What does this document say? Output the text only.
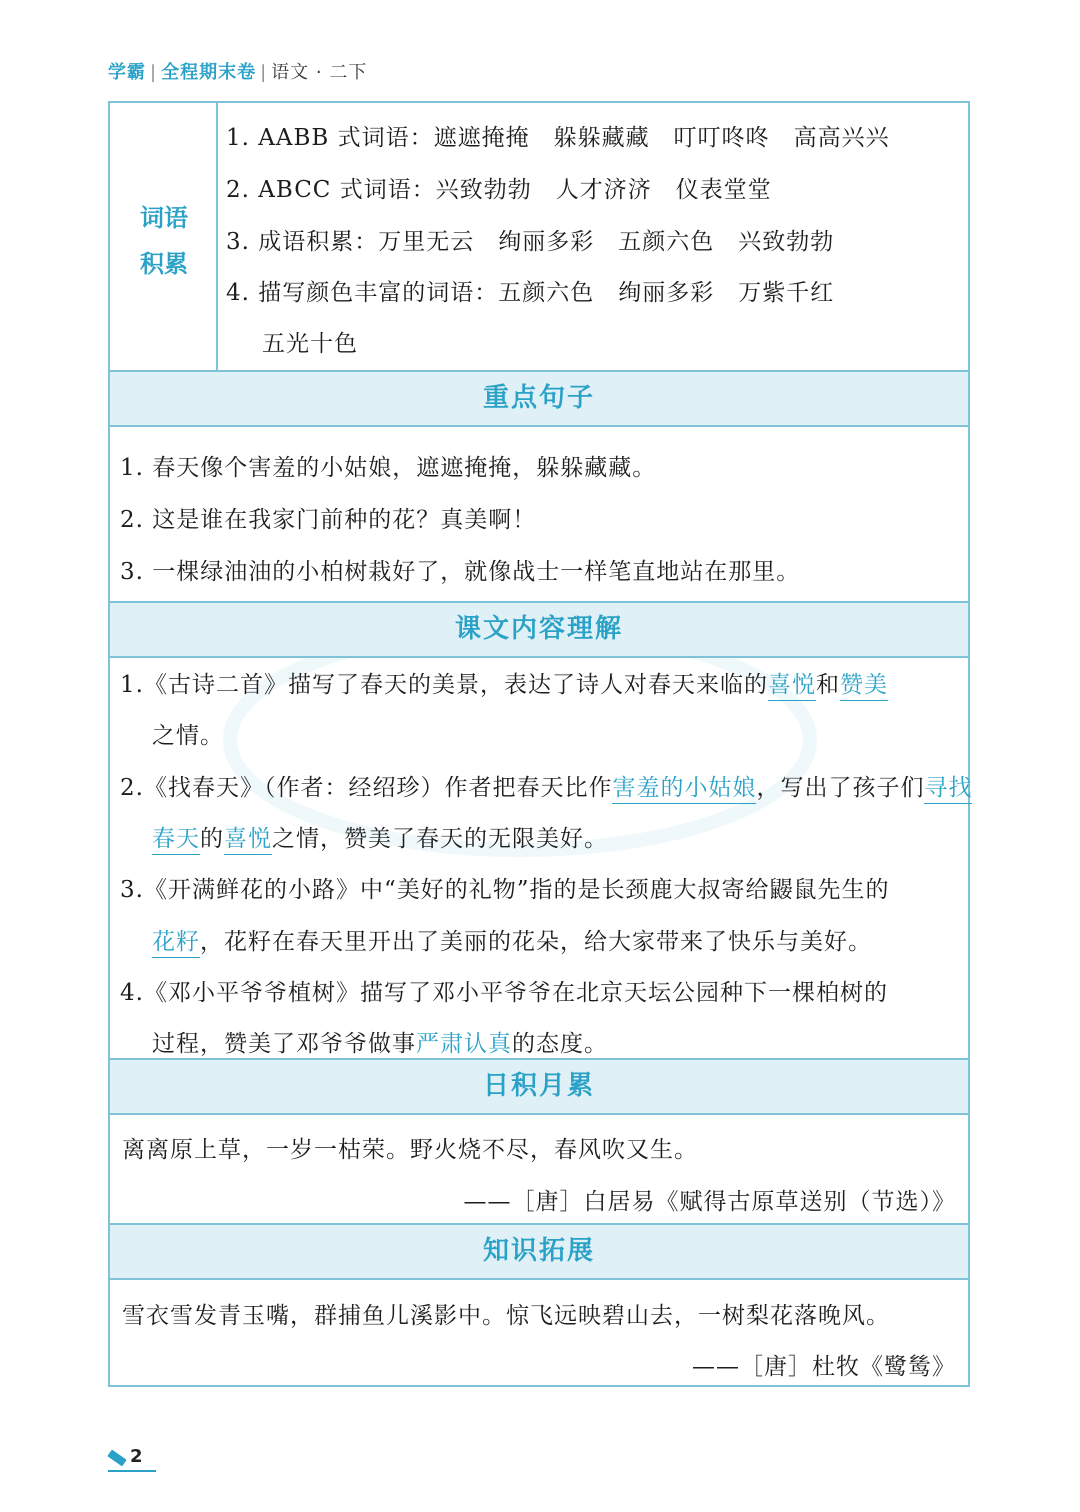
学霸 | 全程期末卷 | 语文 · 二下
词语
积累
1. AABB 式词语：遮遮掩掩　躲躲藏藏　叮叮咚咚　高高兴兴
2. ABCC 式词语：兴致勃勃　人才济济　仪表堂堂
3. 成语积累：万里无云　绚丽多彩　五颜六色　兴致勃勃
4. 描写颜色丰富的词语：五颜六色　绚丽多彩　万紫千红
五光十色
重点句子
1. 春天像个害羞的小姑娘，遮遮掩掩，躲躲藏藏。
2. 这是谁在我家门前种的花？真美啊！
3. 一棵绿油油的小柏树栽好了，就像战士一样笔直地站在那里。
课文内容理解
1.《古诗二首》描写了春天的美景，表达了诗人对春天来临的喜悦和赞美
之情。
2.《找春天》（作者：经绍珍）作者把春天比作害羞的小姑娘，写出了孩子们寻找
春天的喜悦之情，赞美了春天的无限美好。
3.《开满鲜花的小路》中“美好的礼物”指的是长颈鹿大叔寄给鼹鼠先生的
花籽，花籽在春天里开出了美丽的花朵，给大家带来了快乐与美好。
4.《邓小平爷爷植树》描写了邓小平爷爷在北京天坛公园种下一棵柏树的
过程，赞美了邓爷爷做事严肃认真的态度。
日积月累
离离原上草，一岁一枯荣。野火烧不尽，春风吹又生。
——［唐］白居易《赋得古原草送别（节选）》
知识拓展
雪衣雪发青玉嘴，群捕鱼儿溪影中。惊飞远映碧山去，一树梨花落晚风。
——［唐］杜牧《鹭鸶》
2
